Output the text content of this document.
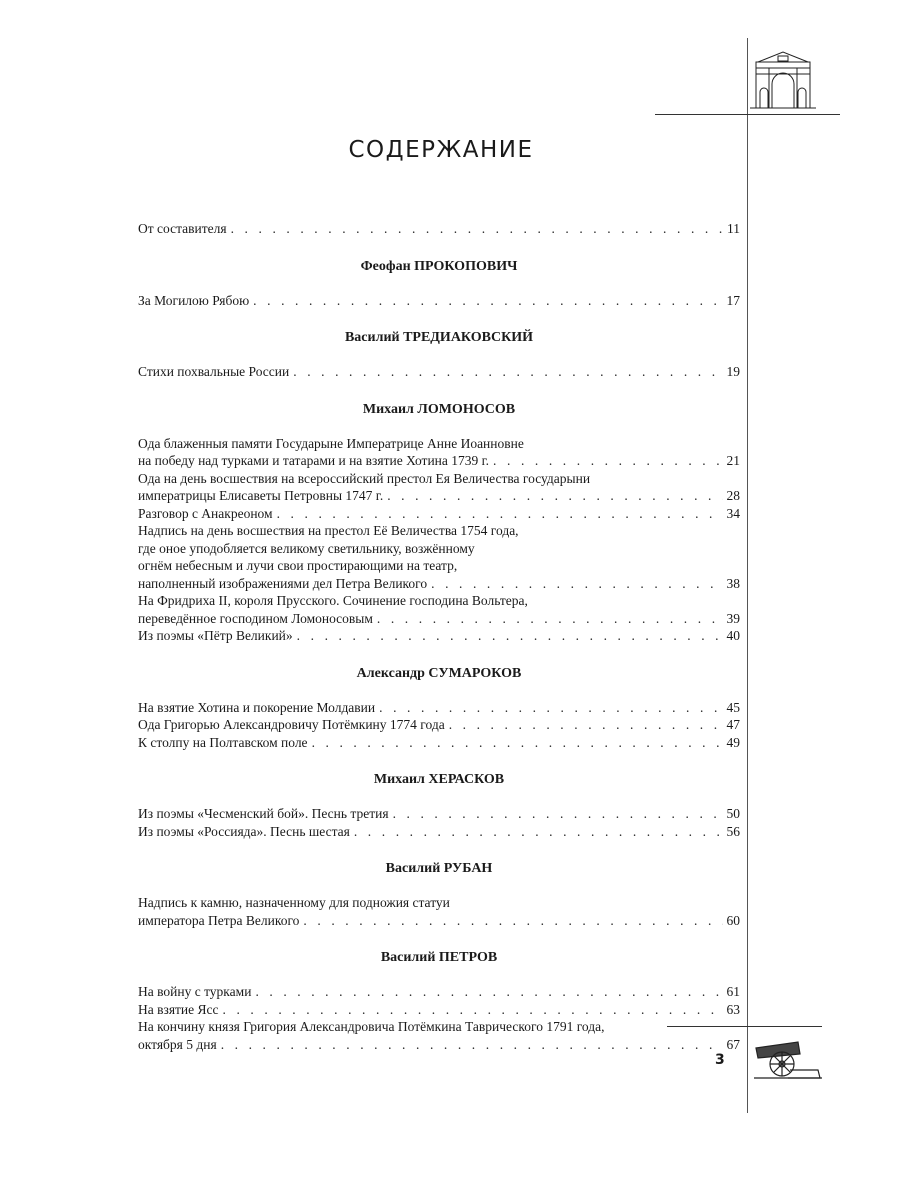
СОДЕРЖАНИЕ
От составителя . . .	11
Феофан ПРОКОПОВИЧ
За Могилою Рябою . . .	17
Василий ТРЕДИАКОВСКИЙ
Стихи похвальные России . . .	19
Михаил ЛОМОНОСОВ
Ода блаженныя памяти Государыне Императрице Анне Иоанновне
на победу над турками и татарами и на взятие Хотина 1739 г. . . .	21
Ода на день восшествия на всероссийский престол Ея Величества государыни
императрицы Елисаветы Петровны 1747 г. . . .	28
Разговор с Анакреоном . . .	34
Надпись на день восшествия на престол Её Величества 1754 года,
где оное уподобляется великому светильнику, возжённому
огнём небесным и лучи свои простирающими на театр,
наполненный изображениями дел Петра Великого . . .	38
На Фридриха II, короля Прусского. Сочинение господина Вольтера,
переведённое господином Ломоносовым . . .	39
Из поэмы «Пётр Великий» . . .	40
Александр СУМАРОКОВ
На взятие Хотина и покорение Молдавии . . .	45
Ода Григорью Александровичу Потёмкину 1774 года . . .	47
К столпу на Полтавском поле . . .	49
Михаил ХЕРАСКОВ
Из поэмы «Чесменский бой». Песнь третия . . .	50
Из поэмы «Россияда». Песнь шестая . . .	56
Василий РУБАН
Надпись к камню, назначенному для подножия статуи
императора Петра Великого . . .	60
Василий ПЕТРОВ
На войну с турками . . .	61
На взятие Ясс . . .	63
На кончину князя Григория Александровича Потёмкина Таврического 1791 года,
октября 5 дня . . .	67
3
